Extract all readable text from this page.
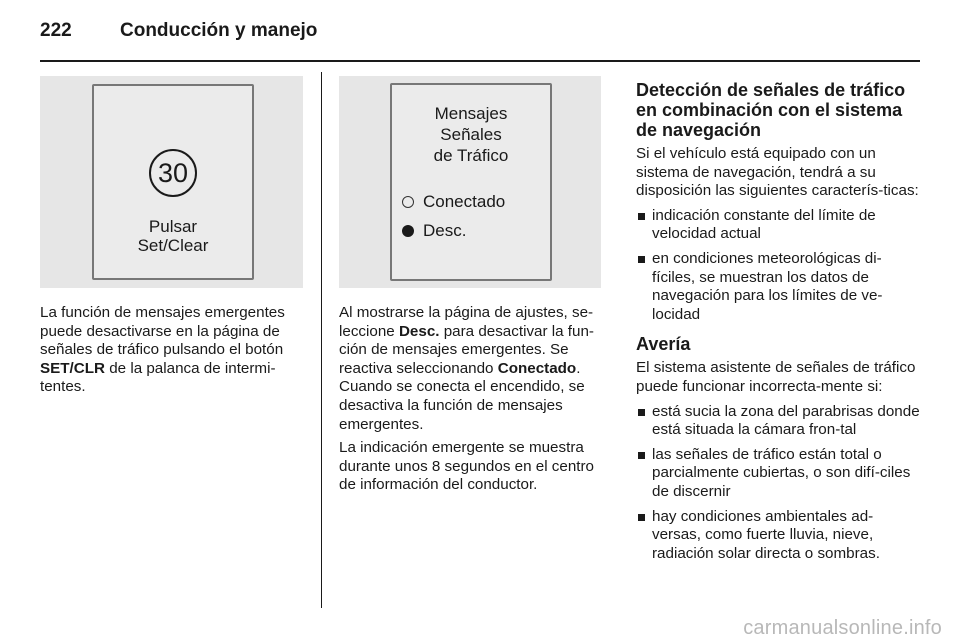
222	Conducción y manejo
30
Pulsar
Set/Clear
Mensajes
Señales
de Tráfico
Conectado
Desc.

La función de mensajes emergentes puede desactivarse en la página de señales de tráfico pulsando el botón SET/CLR de la palanca de intermi-tentes.

Al mostrarse la página de ajustes, se-leccione Desc. para desactivar la fun-ción de mensajes emergentes. Se reactiva seleccionando Conectado. Cuando se conecta el encendido, se desactiva la función de mensajes emergentes.

La indicación emergente se muestra durante unos 8 segundos en el centro de información del conductor.

Detección de señales de tráfico en combinación con el sistema de navegación

Si el vehículo está equipado con un sistema de navegación, tendrá a su disposición las siguientes caracterís-ticas:

indicación constante del límite de velocidad actual
en condiciones meteorológicas di-fíciles, se muestran los datos de navegación para los límites de ve-locidad

Avería

El sistema asistente de señales de tráfico puede funcionar incorrecta-mente si:

está sucia la zona del parabrisas donde está situada la cámara fron-tal
las señales de tráfico están total o parcialmente cubiertas, o son difí-ciles de discernir
hay condiciones ambientales ad-versas, como fuerte lluvia, nieve, radiación solar directa o sombras.
carmanualsonline.info
